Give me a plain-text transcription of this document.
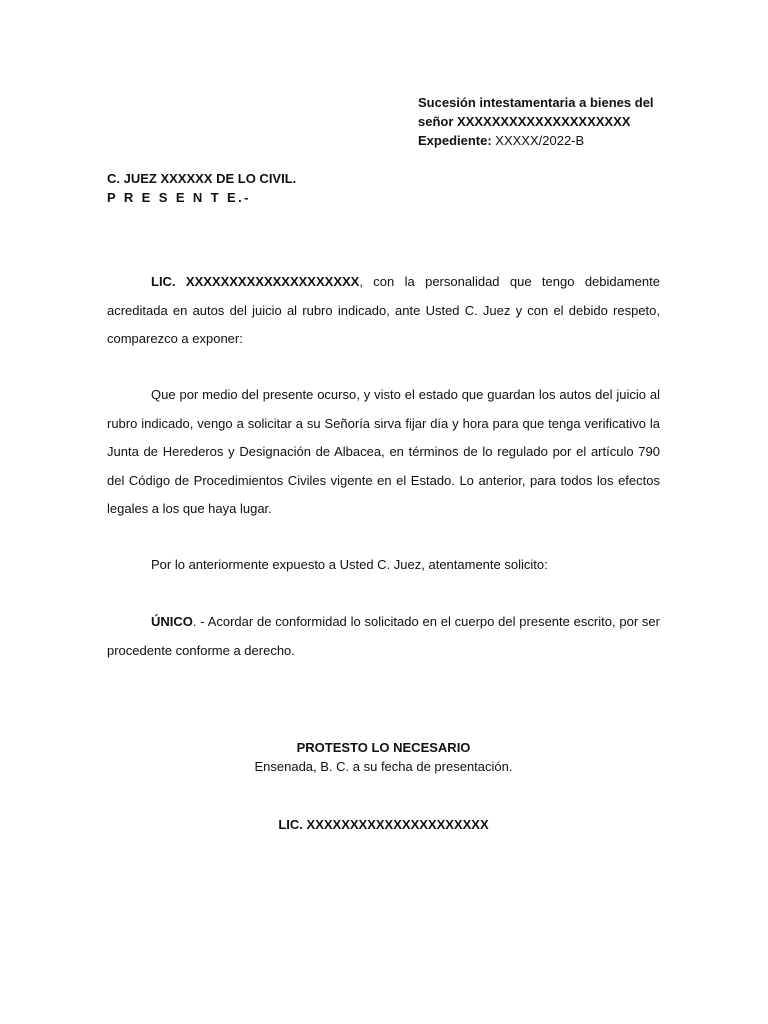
Sucesión intestamentaria a bienes del
señor XXXXXXXXXXXXXXXXXXXX
Expediente: XXXXX/2022-B
C. JUEZ XXXXXX DE LO CIVIL.
P R E S E N T E.-

LIC. XXXXXXXXXXXXXXXXXXXX, con la personalidad que tengo debidamente acreditada en autos del juicio al rubro indicado, ante Usted C. Juez y con el debido respeto, comparezco a exponer:

Que por medio del presente ocurso, y visto el estado que guardan los autos del juicio al rubro indicado, vengo a solicitar a su Señoría sirva fijar día y hora para que tenga verificativo la Junta de Herederos y Designación de Albacea, en términos de lo regulado por el artículo 790 del Código de Procedimientos Civiles vigente en el Estado. Lo anterior, para todos los efectos legales a los que haya lugar.

Por lo anteriormente expuesto a Usted C. Juez, atentamente solicito:

ÚNICO. - Acordar de conformidad lo solicitado en el cuerpo del presente escrito, por ser procedente conforme a derecho.

PROTESTO LO NECESARIO
Ensenada, B. C. a su fecha de presentación.
LIC. XXXXXXXXXXXXXXXXXXXXX
